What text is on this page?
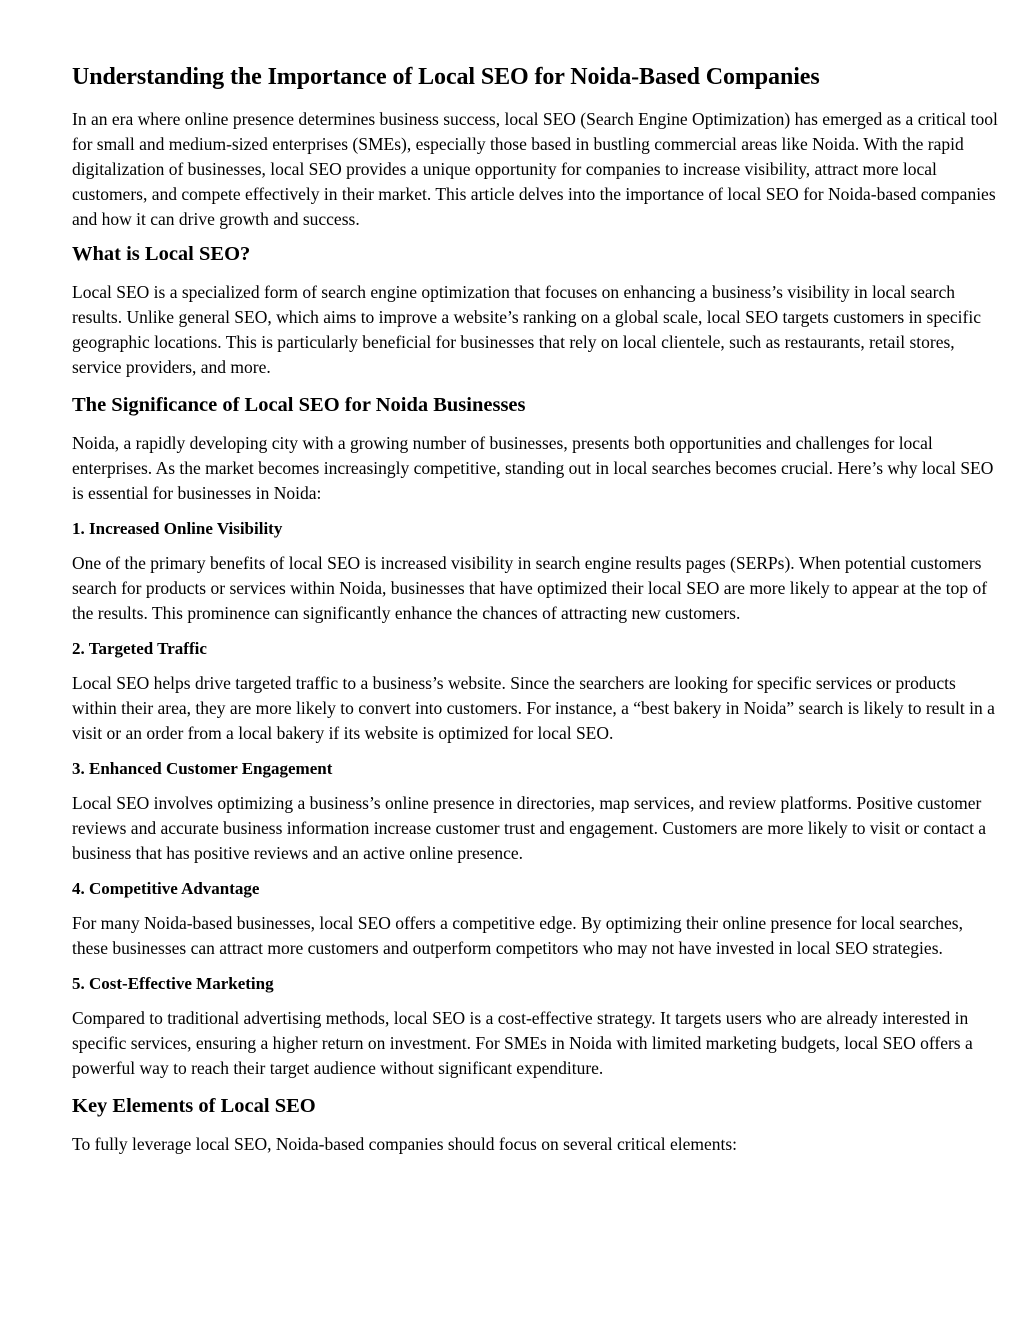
Understanding the Importance of Local SEO for Noida-Based Companies

In an era where online presence determines business success, local SEO (Search Engine Optimization) has emerged as a critical tool for small and medium-sized enterprises (SMEs), especially those based in bustling commercial areas like Noida. With the rapid digitalization of businesses, local SEO provides a unique opportunity for companies to increase visibility, attract more local customers, and compete effectively in their market. This article delves into the importance of local SEO for Noida-based companies and how it can drive growth and success.

What is Local SEO?

Local SEO is a specialized form of search engine optimization that focuses on enhancing a business’s visibility in local search results. Unlike general SEO, which aims to improve a website’s ranking on a global scale, local SEO targets customers in specific geographic locations. This is particularly beneficial for businesses that rely on local clientele, such as restaurants, retail stores, service providers, and more.

The Significance of Local SEO for Noida Businesses

Noida, a rapidly developing city with a growing number of businesses, presents both opportunities and challenges for local enterprises. As the market becomes increasingly competitive, standing out in local searches becomes crucial. Here’s why local SEO is essential for businesses in Noida:

1. Increased Online Visibility

One of the primary benefits of local SEO is increased visibility in search engine results pages (SERPs). When potential customers search for products or services within Noida, businesses that have optimized their local SEO are more likely to appear at the top of the results. This prominence can significantly enhance the chances of attracting new customers.

2. Targeted Traffic

Local SEO helps drive targeted traffic to a business’s website. Since the searchers are looking for specific services or products within their area, they are more likely to convert into customers. For instance, a “best bakery in Noida” search is likely to result in a visit or an order from a local bakery if its website is optimized for local SEO.

3. Enhanced Customer Engagement

Local SEO involves optimizing a business’s online presence in directories, map services, and review platforms. Positive customer reviews and accurate business information increase customer trust and engagement. Customers are more likely to visit or contact a business that has positive reviews and an active online presence.

4. Competitive Advantage

For many Noida-based businesses, local SEO offers a competitive edge. By optimizing their online presence for local searches, these businesses can attract more customers and outperform competitors who may not have invested in local SEO strategies.

5. Cost-Effective Marketing

Compared to traditional advertising methods, local SEO is a cost-effective strategy. It targets users who are already interested in specific services, ensuring a higher return on investment. For SMEs in Noida with limited marketing budgets, local SEO offers a powerful way to reach their target audience without significant expenditure.

Key Elements of Local SEO

To fully leverage local SEO, Noida-based companies should focus on several critical elements:
